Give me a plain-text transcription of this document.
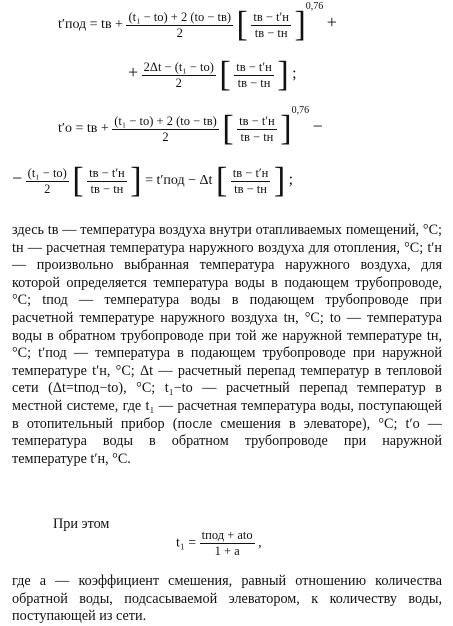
t′под = tв +
(t₁ − tо) + 2 (tо − tв)
2	[ tв − t′н
tв − tн ]$^{0,76}$ +
+ 2Δt − (t₁ − tо)
2	[ tв − t′н
tв − tн ] ;
t′о = tв +
(t₁ − tо) + 2 (tо − tв)
2	[ tв − t′н
tв − tн ]$^{0,76}$ −
− (t₁ − tо)
2 [ tв − t′н
tв − tн ] = t′под − Δt [ tв − t′н
tв − tн ] ;
здесь tв — температура воздуха внутри отапливаемых помещений, °С; tн — расчетная температура наружного воздуха для отопления, °С; t′н — произвольно выбранная температура наружного воздуха, для которой определяется температура воды в подающем трубопроводе, °С; tпод — температура воды в подающем трубопроводе при расчетной температуре наружного воздуха tн, °С; tо — температура воды в обратном трубопроводе при той же наружной температуре tн, °С; t′под — температура в подающем трубопроводе при наружной температуре t′н, °С; Δt — расчетный перепад температур в тепловой сети (Δt=tпод−tо), °С; t₁−tо — расчетный перепад температур в местной системе, где t₁ — расчетная температура воды, поступающей в отопительный прибор (после смешения в элеваторе), °С; t′о — температура воды в обратном трубопроводе при наружной температуре t′н, °С.
При этом
t₁ =
tпод + atо
1 + a
,
где a — коэффициент смешения, равный отношению количества обратной воды, подсасываемой элеватором, к количеству воды, поступающей из сети.
